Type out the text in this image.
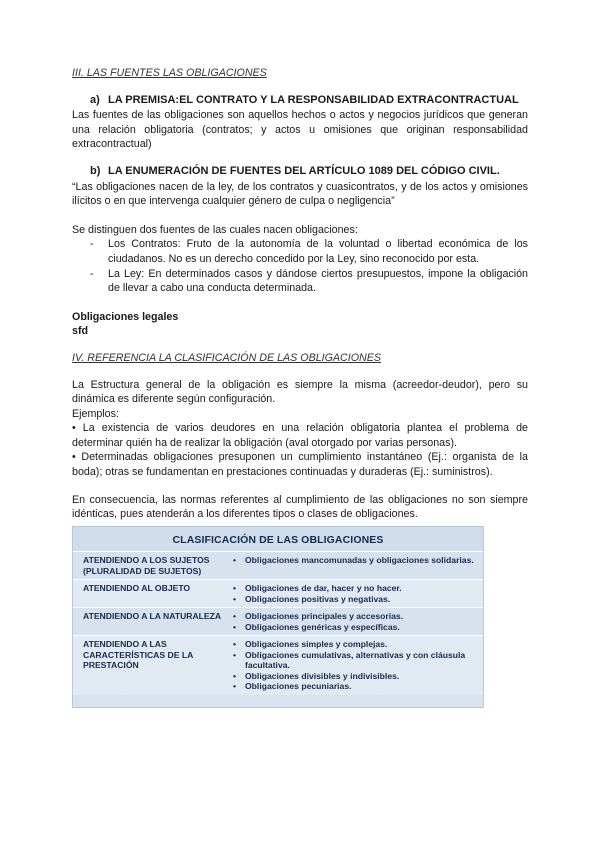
III. LAS FUENTES LAS OBLIGACIONES

a) LA PREMISA:EL CONTRATO Y LA RESPONSABILIDAD EXTRACONTRACTUAL

Las fuentes de las obligaciones son aquellos hechos o actos y negocios jurídicos que generan una relación obligatoria (contratos; y actos u omisiones que originan responsabilidad extracontractual)

b) LA ENUMERACIÓN DE FUENTES DEL ARTÍCULO 1089 DEL CÓDIGO CIVIL.

“Las obligaciones nacen de la ley, de los contratos y cuasicontratos, y de los actos y omisiones ilícitos o en que intervenga cualquier género de culpa o negligencia”

Se distinguen dos fuentes de las cuales nacen obligaciones:

- Los Contratos: Fruto de la autonomía de la voluntad o libertad económica de los ciudadanos. No es un derecho concedido por la Ley, sino reconocido por esta.
- La Ley: En determinados casos y dándose ciertos presupuestos, impone la obligación de llevar a cabo una conducta determinada.

Obligaciones legales

sfd

IV. REFERENCIA LA CLASIFICACIÓN DE LAS OBLIGACIONES

La Estructura general de la obligación es siempre la misma (acreedor-deudor), pero su dinámica es diferente según configuración.

Ejemplos:

• La existencia de varios deudores en una relación obligatoria plantea el problema de determinar quién ha de realizar la obligación (aval otorgado por varias personas).

• Determinadas obligaciones presuponen un cumplimiento instantáneo (Ej.: organista de la boda); otras se fundamentan en prestaciones continuadas y duraderas (Ej.: suministros).

En consecuencia, las normas referentes al cumplimiento de las obligaciones no son siempre idénticas, pues atenderán a los diferentes tipos o clases de obligaciones.

CLASIFICACIÓN DE LAS OBLIGACIONES
ATENDIENDO A LOS SUJETOS (PLURALIDAD DE SUJETOS)
• Obligaciones mancomunadas y obligaciones solidarias.
ATENDIENDO AL OBJETO	• Obligaciones de dar, hacer y no hacer.
• Obligaciones positivas y negativas.
ATENDIENDO A LA NATURALEZA	• Obligaciones principales y accesorias.
• Obligaciones genéricas y específicas.
ATENDIENDO A LAS CARACTERÍSTICAS DE LA PRESTACIÓN
• Obligaciones simples y complejas.
• Obligaciones cumulativas, alternativas y con cláusula facultativa.
• Obligaciones divisibles y indivisibles.
• Obligaciones pecuniarias.
